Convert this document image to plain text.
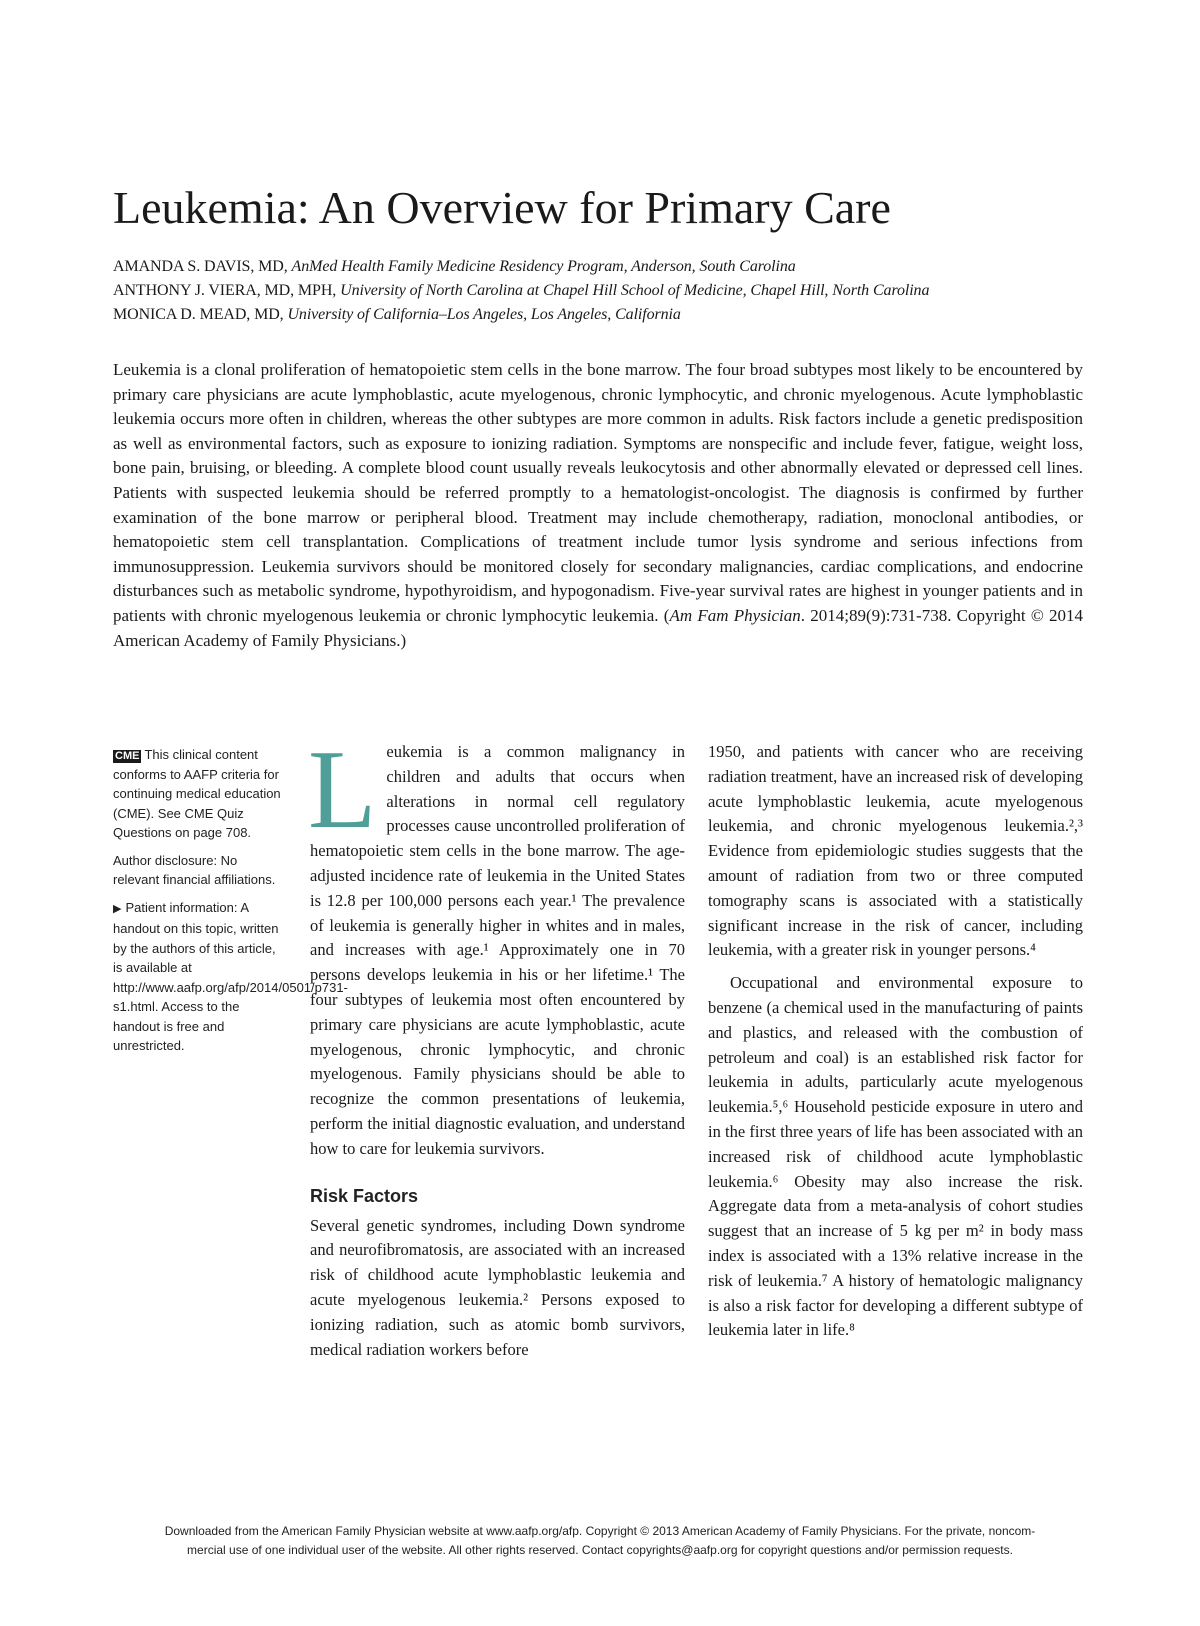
Leukemia: An Overview for Primary Care
AMANDA S. DAVIS, MD, AnMed Health Family Medicine Residency Program, Anderson, South Carolina
ANTHONY J. VIERA, MD, MPH, University of North Carolina at Chapel Hill School of Medicine, Chapel Hill, North Carolina
MONICA D. MEAD, MD, University of California–Los Angeles, Los Angeles, California

Leukemia is a clonal proliferation of hematopoietic stem cells in the bone marrow. The four broad subtypes most likely to be encountered by primary care physicians are acute lymphoblastic, acute myelogenous, chronic lymphocytic, and chronic myelogenous. Acute lymphoblastic leukemia occurs more often in children, whereas the other subtypes are more common in adults. Risk factors include a genetic predisposition as well as environmental factors, such as exposure to ionizing radiation. Symptoms are nonspecific and include fever, fatigue, weight loss, bone pain, bruising, or bleeding. A complete blood count usually reveals leukocytosis and other abnormally elevated or depressed cell lines. Patients with suspected leukemia should be referred promptly to a hematologist-oncologist. The diagnosis is confirmed by further examination of the bone marrow or peripheral blood. Treatment may include chemotherapy, radiation, monoclonal antibodies, or hematopoietic stem cell transplantation. Complications of treatment include tumor lysis syndrome and serious infections from immunosuppression. Leukemia survivors should be monitored closely for secondary malignancies, cardiac complications, and endocrine disturbances such as metabolic syndrome, hypothyroidism, and hypogonadism. Five-year survival rates are highest in younger patients and in patients with chronic myelogenous leukemia or chronic lymphocytic leukemia. (Am Fam Physician. 2014;89(9):731-738. Copyright © 2014 American Academy of Family Physicians.)

CME This clinical content conforms to AAFP criteria for continuing medical education (CME). See CME Quiz Questions on page 708.

Author disclosure: No relevant financial affiliations.

▶ Patient information: A handout on this topic, written by the authors of this article, is available at http://www.aafp.org/afp/2014/0501/p731-s1.html. Access to the handout is free and unrestricted.

Leukemia is a common malignancy in children and adults that occurs when alterations in normal cell regulatory processes cause uncontrolled proliferation of hematopoietic stem cells in the bone marrow. The age-adjusted incidence rate of leukemia in the United States is 12.8 per 100,000 persons each year.¹ The prevalence of leukemia is generally higher in whites and in males, and increases with age.¹ Approximately one in 70 persons develops leukemia in his or her lifetime.¹ The four subtypes of leukemia most often encountered by primary care physicians are acute lymphoblastic, acute myelogenous, chronic lymphocytic, and chronic myelogenous. Family physicians should be able to recognize the common presentations of leukemia, perform the initial diagnostic evaluation, and understand how to care for leukemia survivors.

Risk Factors

Several genetic syndromes, including Down syndrome and neurofibromatosis, are associated with an increased risk of childhood acute lymphoblastic leukemia and acute myelogenous leukemia.² Persons exposed to ionizing radiation, such as atomic bomb survivors, medical radiation workers before

1950, and patients with cancer who are receiving radiation treatment, have an increased risk of developing acute lymphoblastic leukemia, acute myelogenous leukemia, and chronic myelogenous leukemia.²,³ Evidence from epidemiologic studies suggests that the amount of radiation from two or three computed tomography scans is associated with a statistically significant increase in the risk of cancer, including leukemia, with a greater risk in younger persons.⁴

Occupational and environmental exposure to benzene (a chemical used in the manufacturing of paints and plastics, and released with the combustion of petroleum and coal) is an established risk factor for leukemia in adults, particularly acute myelogenous leukemia.⁵,⁶ Household pesticide exposure in utero and in the first three years of life has been associated with an increased risk of childhood acute lymphoblastic leukemia.⁶ Obesity may also increase the risk. Aggregate data from a meta-analysis of cohort studies suggest that an increase of 5 kg per m² in body mass index is associated with a 13% relative increase in the risk of leukemia.⁷ A history of hematologic malignancy is also a risk factor for developing a different subtype of leukemia later in life.⁸

Downloaded from the American Family Physician website at www.aafp.org/afp. Copyright © 2013 American Academy of Family Physicians. For the private, noncom-
mercial use of one individual user of the website. All other rights reserved. Contact copyrights@aafp.org for copyright questions and/or permission requests.
